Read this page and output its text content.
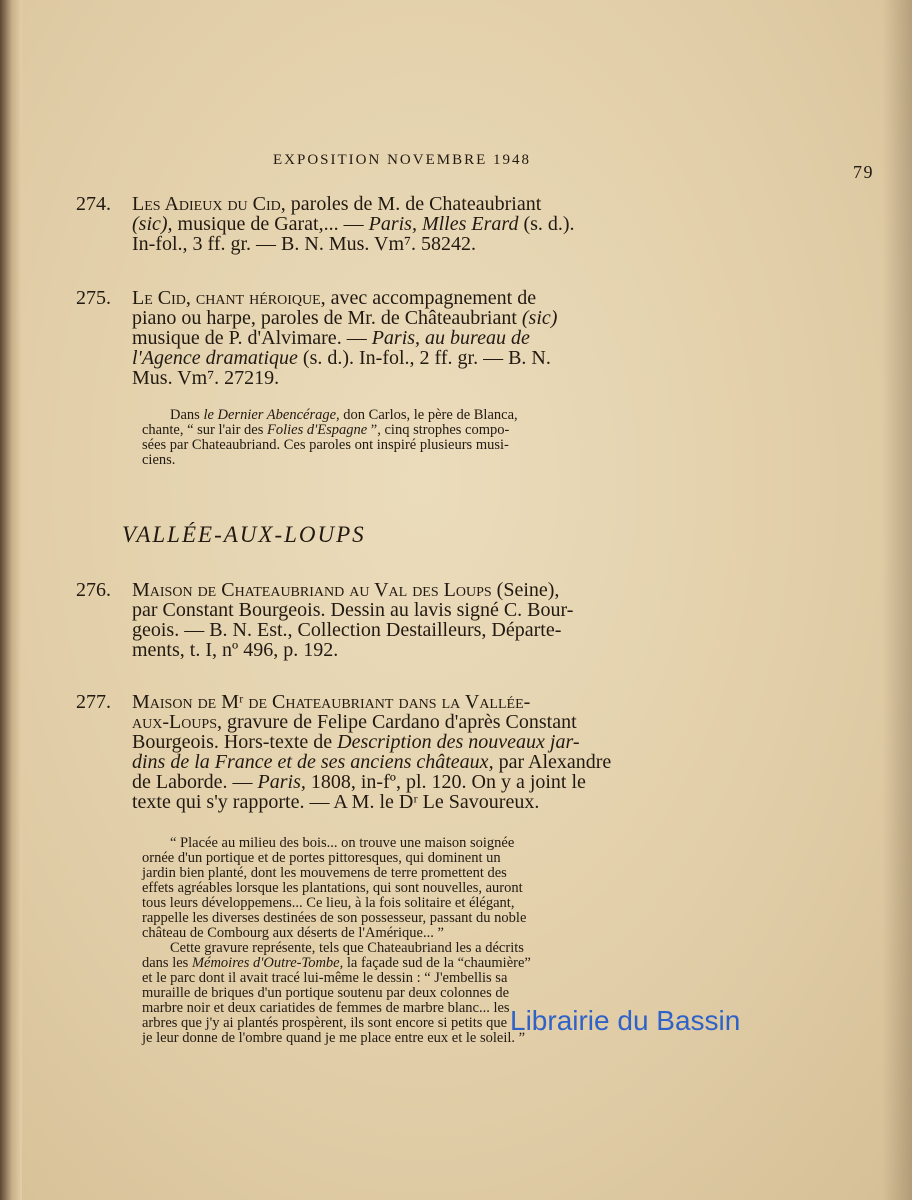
EXPOSITION NOVEMBRE 1948
79
274. Les Adieux du Cid, paroles de M. de Chateaubriant
(sic), musique de Garat,... — Paris, Mlles Erard (s. d.).
In-fol., 3 ff. gr. — B. N. Mus. Vm⁷. 58242.
275. Le Cid, chant héroique, avec accompagnement de
piano ou harpe, paroles de Mr. de Châteaubriant (sic)
musique de P. d'Alvimare. — Paris, au bureau de
l'Agence dramatique (s. d.). In-fol., 2 ff. gr. — B. N.
Mus. Vm⁷. 27219.

Dans le Dernier Abencérage, don Carlos, le père de Blanca,

chante, “ sur l'air des Folies d'Espagne ”, cinq strophes compo-
sées par Chateaubriand. Ces paroles ont inspiré plusieurs musi-
ciens.
VALLÉE-AUX-LOUPS
276. Maison de Chateaubriand au Val des Loups (Seine),
par Constant Bourgeois. Dessin au lavis signé C. Bour-
geois. — B. N. Est., Collection Destailleurs, Départe-
ments, t. I, nº 496, p. 192.
277. Maison de Mʳ de Chateaubriant dans la Vallée-
aux-Loups, gravure de Felipe Cardano d'après Constant
Bourgeois. Hors-texte de Description des nouveaux jar-
dins de la France et de ses anciens châteaux, par Alexandre
de Laborde. — Paris, 1808, in-fº, pl. 120. On y a joint le
texte qui s'y rapporte. — A M. le Dʳ Le Savoureux.

“ Placée au milieu des bois... on trouve une maison soignée

ornée d'un portique et de portes pittoresques, qui dominent un
jardin bien planté, dont les mouvemens de terre promettent des
effets agréables lorsque les plantations, qui sont nouvelles, auront
tous leurs développemens... Ce lieu, à la fois solitaire et élégant,
rappelle les diverses destinées de son possesseur, passant du noble
château de Combourg aux déserts de l'Amérique... ”

Cette gravure représente, tels que Chateaubriand les a décrits

dans les Mémoires d'Outre-Tombe, la façade sud de la “chaumière”
et le parc dont il avait tracé lui-même le dessin : “ J'embellis sa
muraille de briques d'un portique soutenu par deux colonnes de
marbre noir et deux cariatides de femmes de marbre blanc... les
arbres que j'y ai plantés prospèrent, ils sont encore si petits que
je leur donne de l'ombre quand je me place entre eux et le soleil. ”
Librairie du Bassin
